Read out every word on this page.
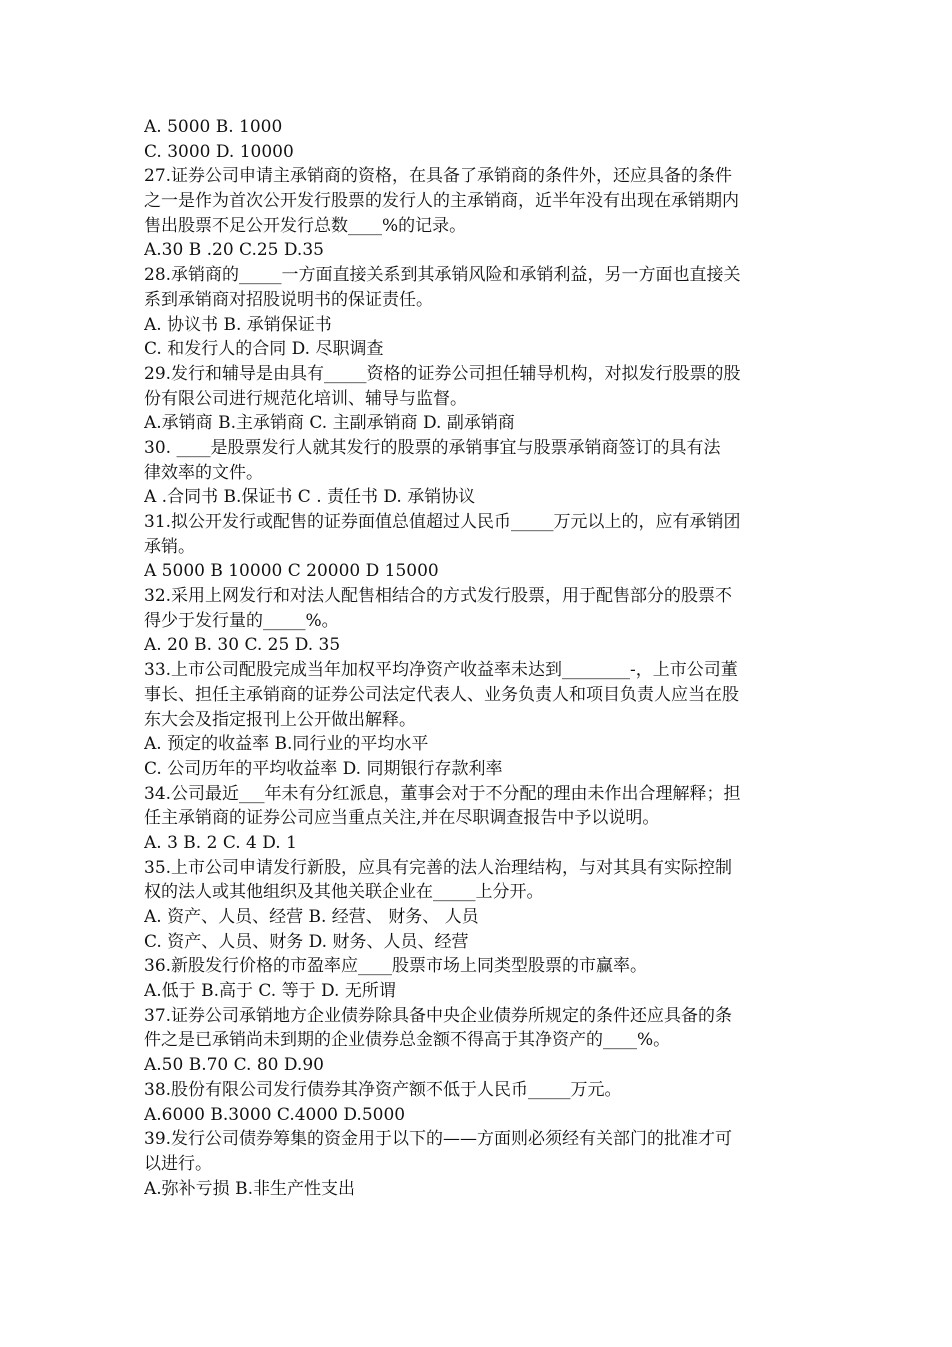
A. 5000 B. 1000
C. 3000 D. 10000
27.证券公司申请主承销商的资格，在具备了承销商的条件外，还应具备的条件
之一是作为首次公开发行股票的发行人的主承销商，近半年没有出现在承销期内
售出股票不足公开发行总数____%的记录。
A.30 B .20 C.25 D.35
28.承销商的_____一方面直接关系到其承销风险和承销利益，另一方面也直接关
系到承销商对招股说明书的保证责任。
A. 协议书 B. 承销保证书
C. 和发行人的合同 D. 尽职调查
29.发行和辅导是由具有_____资格的证券公司担任辅导机构，对拟发行股票的股
份有限公司进行规范化培训、辅导与监督。
A.承销商 B.主承销商 C. 主副承销商 D. 副承销商
30. ____是股票发行人就其发行的股票的承销事宜与股票承销商签订的具有法
律效率的文件。
A .合同书 B.保证书 C . 责任书 D. 承销协议
31.拟公开发行或配售的证券面值总值超过人民币_____万元以上的，应有承销团
承销。
A 5000 B 10000 C 20000 D 15000
32.采用上网发行和对法人配售相结合的方式发行股票，用于配售部分的股票不
得少于发行量的_____%。
A. 20 B. 30 C. 25 D. 35
33.上市公司配股完成当年加权平均净资产收益率未达到________-，上市公司董
事长、担任主承销商的证券公司法定代表人、业务负责人和项目负责人应当在股
东大会及指定报刊上公开做出解释。
A. 预定的收益率 B.同行业的平均水平
C. 公司历年的平均收益率 D. 同期银行存款利率
34.公司最近___年未有分红派息，董事会对于不分配的理由未作出合理解释；担
任主承销商的证券公司应当重点关注,并在尽职调查报告中予以说明。
A. 3 B. 2 C. 4 D. 1
35.上市公司申请发行新股，应具有完善的法人治理结构，与对其具有实际控制
权的法人或其他组织及其他关联企业在_____上分开。
A. 资产、人员、经营 B. 经营、 财务、 人员
C. 资产、人员、财务 D. 财务、人员、经营
36.新股发行价格的市盈率应____股票市场上同类型股票的市赢率。
A.低于 B.高于 C. 等于 D. 无所谓
37.证券公司承销地方企业债券除具备中央企业债券所规定的条件还应具备的条
件之是已承销尚未到期的企业债券总金额不得高于其净资产的____%。
A.50 B.70 C. 80 D.90
38.股份有限公司发行债券其净资产额不低于人民币_____万元。
A.6000 B.3000 C.4000 D.5000
39.发行公司债券筹集的资金用于以下的——方面则必须经有关部门的批准才可
以进行。
A.弥补亏损 B.非生产性支出
